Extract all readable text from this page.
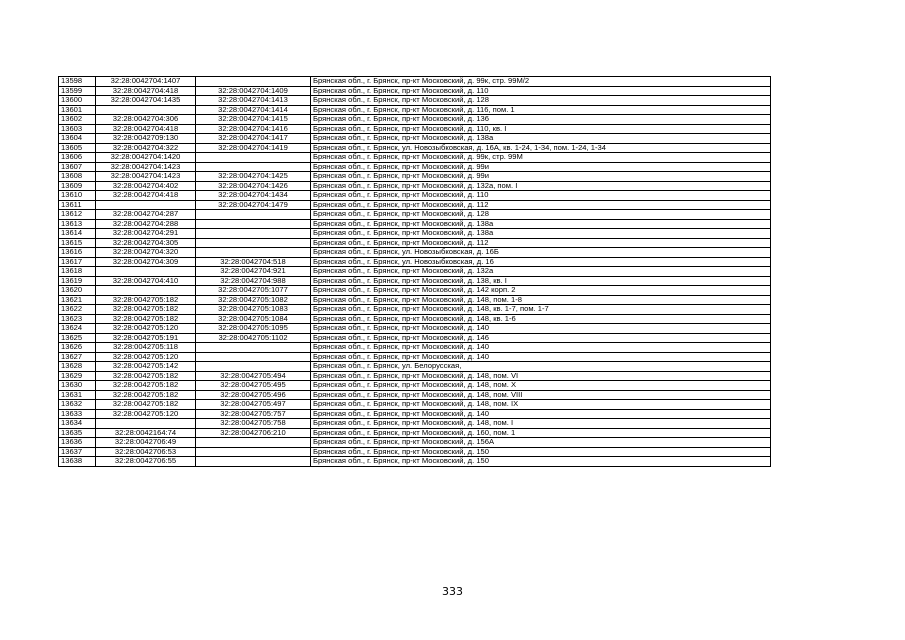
13598	32:28:0042704:1407		Брянская обл., г. Брянск, пр-кт Московский, д. 99к, стр. 99М/2
13599	32:28:0042704:418	32:28:0042704:1409	Брянская обл., г. Брянск, пр-кт Московский, д. 110
13600	32:28:0042704:1435	32:28:0042704:1413	Брянская обл., г. Брянск, пр-кт Московский, д. 128
13601		32:28:0042704:1414	Брянская обл., г. Брянск, пр-кт Московский, д. 116, пом. 1
13602	32:28:0042704:306	32:28:0042704:1415	Брянская обл., г. Брянск, пр-кт Московский, д. 136
13603	32:28:0042704:418	32:28:0042704:1416	Брянская обл., г. Брянск, пр-кт Московский, д. 110, кв. I
13604	32:28:0042709:130	32:28:0042704:1417	Брянская обл., г. Брянск, пр-кт Московский, д. 138а
13605	32:28:0042704:322	32:28:0042704:1419	Брянская обл., г. Брянск, ул. Новозыбковская, д. 16А, кв. 1-24, 1-34, пом. 1-24, 1-34
13606	32:28:0042704:1420		Брянская обл., г. Брянск, пр-кт Московский, д. 99к, стр. 99М
13607	32:28:0042704:1423		Брянская обл., г. Брянск, пр-кт Московский, д. 99и
13608	32:28:0042704:1423	32:28:0042704:1425	Брянская обл., г. Брянск, пр-кт Московский, д. 99и
13609	32:28:0042704:402	32:28:0042704:1426	Брянская обл., г. Брянск, пр-кт Московский, д. 132а, пом. I
13610	32:28:0042704:418	32:28:0042704:1434	Брянская обл., г. Брянск, пр-кт Московский, д. 110
13611		32:28:0042704:1479	Брянская обл., г. Брянск, пр-кт Московский, д. 112
13612	32:28:0042704:287		Брянская обл., г. Брянск, пр-кт Московский, д. 128
13613	32:28:0042704:288		Брянская обл., г. Брянск, пр-кт Московский, д. 138а
13614	32:28:0042704:291		Брянская обл., г. Брянск, пр-кт Московский, д. 138а
13615	32:28:0042704:305		Брянская обл., г. Брянск, пр-кт Московский, д. 112
13616	32:28:0042704:320		Брянская обл., г. Брянск, ул. Новозыбковская, д. 16Б
13617	32:28:0042704:309	32:28:0042704:518	Брянская обл., г. Брянск, ул. Новозыбковская, д. 16
13618		32:28:0042704:921	Брянская обл., г. Брянск, пр-кт Московский, д. 132а
13619	32:28:0042704:410	32:28:0042704:988	Брянская обл., г. Брянск, пр-кт Московский, д. 138, кв. I
13620		32:28:0042705:1077	Брянская обл., г. Брянск, пр-кт Московский, д. 142 корп. 2
13621	32:28:0042705:182	32:28:0042705:1082	Брянская обл., г. Брянск, пр-кт Московский, д. 148, пом. 1-8
13622	32:28:0042705:182	32:28:0042705:1083	Брянская обл., г. Брянск, пр-кт Московский, д. 148, кв. 1-7, пом. 1-7
13623	32:28:0042705:182	32:28:0042705:1084	Брянская обл., г. Брянск, пр-кт Московский, д. 148, кв. 1-6
13624	32:28:0042705:120	32:28:0042705:1095	Брянская обл., г. Брянск, пр-кт Московский, д. 140
13625	32:28:0042705:191	32:28:0042705:1102	Брянская обл., г. Брянск, пр-кт Московский, д. 146
13626	32:28:0042705:118		Брянская обл., г. Брянск, пр-кт Московский, д. 140
13627	32:28:0042705:120		Брянская обл., г. Брянск, пр-кт Московский, д. 140
13628	32:28:0042705:142		Брянская обл., г. Брянск, ул. Белорусская,
13629	32:28:0042705:182	32:28:0042705:494	Брянская обл., г. Брянск, пр-кт Московский, д. 148, пом. VI
13630	32:28:0042705:182	32:28:0042705:495	Брянская обл., г. Брянск, пр-кт Московский, д. 148, пом. X
13631	32:28:0042705:182	32:28:0042705:496	Брянская обл., г. Брянск, пр-кт Московский, д. 148, пом. VIII
13632	32:28:0042705:182	32:28:0042705:497	Брянская обл., г. Брянск, пр-кт Московский, д. 148, пом. IX
13633	32:28:0042705:120	32:28:0042705:757	Брянская обл., г. Брянск, пр-кт Московский, д. 140
13634		32:28:0042705:758	Брянская обл., г. Брянск, пр-кт Московский, д. 148, пом. I
13635	32:28:0042164:74	32:28:0042706:210	Брянская обл., г. Брянск, пр-кт Московский, д. 160, пом. 1
13636	32:28:0042706:49		Брянская обл., г. Брянск, пр-кт Московский, д. 156А
13637	32:28:0042706:53		Брянская обл., г. Брянск, пр-кт Московский, д. 150
13638	32:28:0042706:55		Брянская обл., г. Брянск, пр-кт Московский, д. 150
333
